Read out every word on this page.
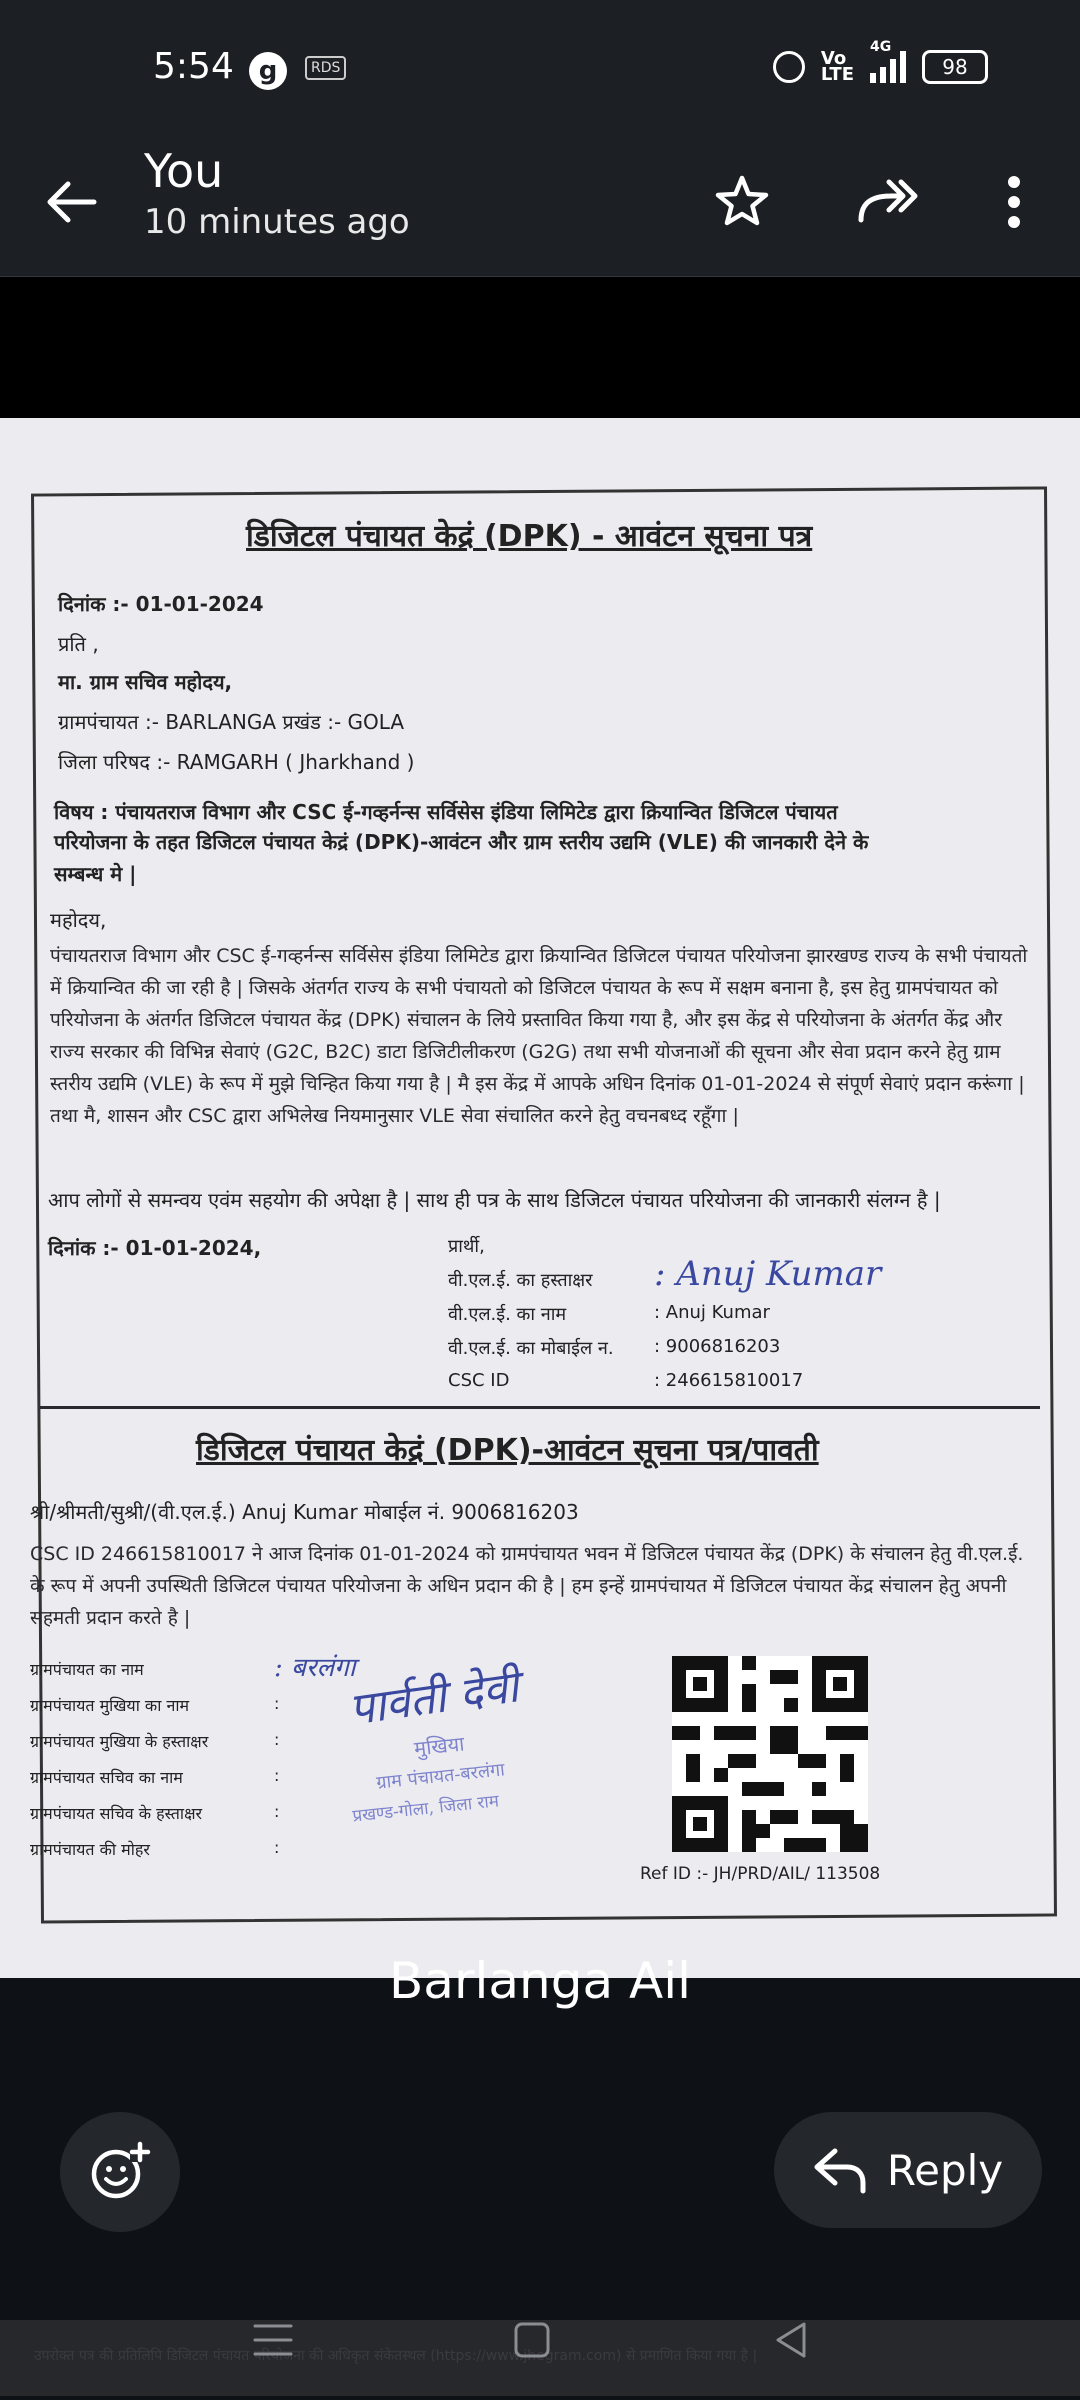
5:54 g	RDS	Vo
LTE
4G
98
You
10 minutes ago
डिजिटल पंचायत केद्रं (DPK) - आवंटन सूचना पत्र
दिनांक :- 01-01-2024
प्रति ,
मा. ग्राम सचिव महोदय,
ग्रामपंचायत :- BARLANGA प्रखंड :- GOLA
जिला परिषद :- RAMGARH ( Jharkhand )
विषय : पंचायतराज विभाग और CSC ई-गव्हर्नन्स सर्विसेस इंडिया लिमिटेड द्वारा क्रियान्वित डिजिटल पंचायत
परियोजना के तहत डिजिटल पंचायत केद्रं (DPK)-आवंटन और ग्राम स्तरीय उद्यमि (VLE) की जानकारी देने के
सम्बन्ध मे |
महोदय,
पंचायतराज विभाग और CSC ई-गव्हर्नन्स सर्विसेस इंडिया लिमिटेड द्वारा क्रियान्वित डिजिटल पंचायत परियोजना झारखण्ड राज्य के सभी पंचायतो में क्रियान्वित की जा रही है | जिसके अंतर्गत राज्य के सभी पंचायतो को डिजिटल पंचायत के रूप में सक्षम बनाना है, इस हेतु ग्रामपंचायत को परियोजना के अंतर्गत डिजिटल पंचायत केंद्र (DPK) संचालन के लिये प्रस्तावित किया गया है, और इस केंद्र से परियोजना के अंतर्गत केंद्र और राज्य सरकार की विभिन्न सेवाएं (G2C, B2C) डाटा डिजिटीलीकरण (G2G) तथा सभी योजनाओं की सूचना और सेवा प्रदान करने हेतु ग्राम स्तरीय उद्यमि (VLE) के रूप में मुझे चिन्हित किया गया है | मै इस केंद्र में आपके अधिन दिनांक 01-01-2024 से संपूर्ण सेवाएं प्रदान करूंगा | तथा मै, शासन और CSC द्वारा अभिलेख नियमानुसार VLE सेवा संचालित करने हेतु वचनबध्द रहूँगा |
आप लोगों से समन्वय एवंम सहयोग की अपेक्षा है | साथ ही पत्र के साथ डिजिटल पंचायत परियोजना की जानकारी संलग्न है |
दिनांक :- 01-01-2024,	प्रार्थी,
वी.एल.ई. का हस्ताक्षर : Anuj Kumar
वी.एल.ई. का नाम	: Anuj Kumar
वी.एल.ई. का मोबाईल न. : 9006816203
CSC ID	: 246615810017
डिजिटल पंचायत केद्रं (DPK)-आवंटन सूचना पत्र/पावती
श्री/श्रीमती/सुश्री/(वी.एल.ई.) Anuj Kumar मोबाईल नं. 9006816203
CSC ID 246615810017 ने आज दिनांक 01-01-2024 को ग्रामपंचायत भवन में डिजिटल पंचायत केंद्र (DPK) के संचालन हेतु वी.एल.ई. के रूप में अपनी उपस्थिती डिजिटल पंचायत परियोजना के अधिन प्रदान की है | हम इन्हें ग्रामपंचायत में डिजिटल पंचायत केंद्र संचालन हेतु अपनी सहमती प्रदान करते है |
ग्रामपंचायत का नाम	: बरलंगा
ग्रामपंचायत मुखिया का नाम	: पार्वती देवी
ग्रामपंचायत मुखिया के हस्ताक्षर	:
ग्रामपंचायत सचिव का नाम	:
ग्रामपंचायत सचिव के हस्ताक्षर	:
ग्रामपंचायत की मोहर	:
मुखिया
ग्राम पंचायत-बरलंगा
प्रखण्ड-गोला, जिला राम
Ref ID :- JH/PRD/AIL/ 113508
उपरोक्त पत्र की प्रतिलिपि डिजिटल पंचायत परियोजना की अधिकृत संकेतस्थल (https://www.jhegram.com) से प्रमाणित किया गया है |
Barlanga Ail
Reply
